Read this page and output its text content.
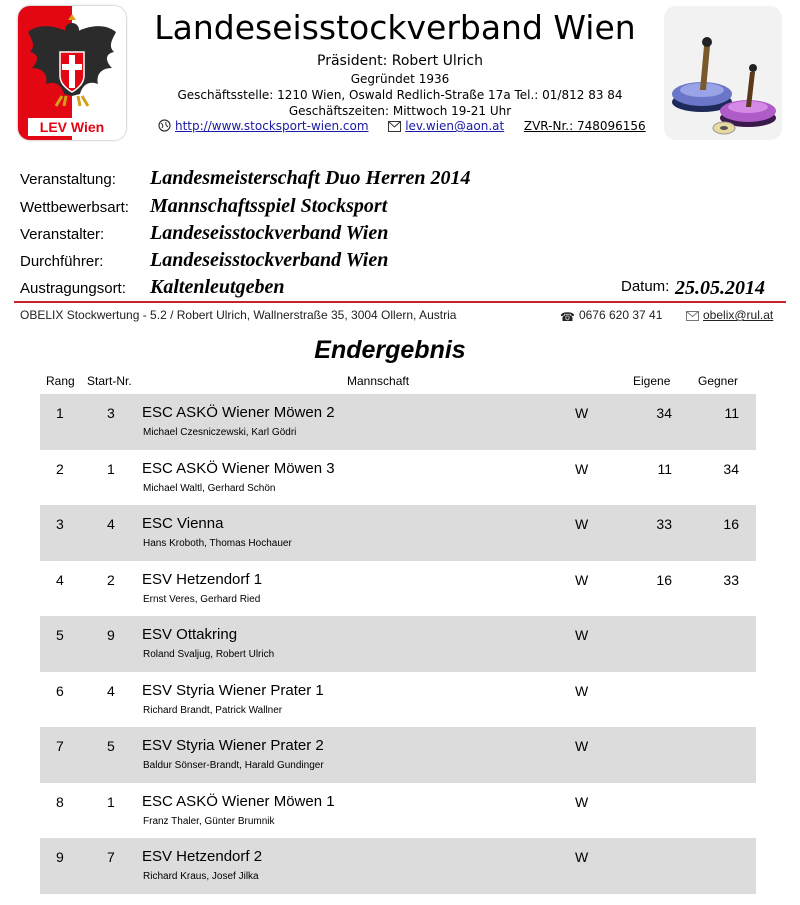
LEV Wien
Landeseisstockverband Wien
Präsident: Robert Ulrich
Gegründet 1936
Geschäftsstelle: 1210 Wien, Oswald Redlich-Straße 17a Tel.: 01/812 83 84
Geschäftszeiten: Mittwoch 19-21 Uhr
http://www.stocksport-wien.com	lev.wien@aon.at ZVR-Nr.: 748096156
Veranstaltung: Landesmeisterschaft Duo Herren 2014
Wettbewerbsart: Mannschaftsspiel Stocksport
Veranstalter: Landeseisstockverband Wien
Durchführer: Landeseisstockverband Wien
Austragungsort: Kaltenleutgeben	Datum: 25.05.2014
OBELIX Stockwertung - 5.2 / Robert Ulrich, Wallnerstraße 35, 3004 Ollern, Austria	☎ 0676 620 37 41	obelix@rul.at
Endergebnis
Rang Start-Nr.	Mannschaft	Eigene Gegner
1	3 ESC ASKÖ Wiener Möwen 2
Michael Czesniczewski, Karl Gödri
W	34	11
2	1 ESC ASKÖ Wiener Möwen 3
Michael Waltl, Gerhard Schön
W	11	34
3	4 ESC Vienna
Hans Kroboth, Thomas Hochauer
W	33	16
4	2 ESV Hetzendorf 1
Ernst Veres, Gerhard Ried
W	16	33
5	9 ESV Ottakring
Roland Svaljug, Robert Ulrich
W
6	4 ESV Styria Wiener Prater 1
Richard Brandt, Patrick Wallner
W
7	5 ESV Styria Wiener Prater 2
Baldur Sönser-Brandt, Harald Gundinger
W
8	1 ESC ASKÖ Wiener Möwen 1
Franz Thaler, Günter Brumnik
W
9	7 ESV Hetzendorf 2
Richard Kraus, Josef Jilka
W
